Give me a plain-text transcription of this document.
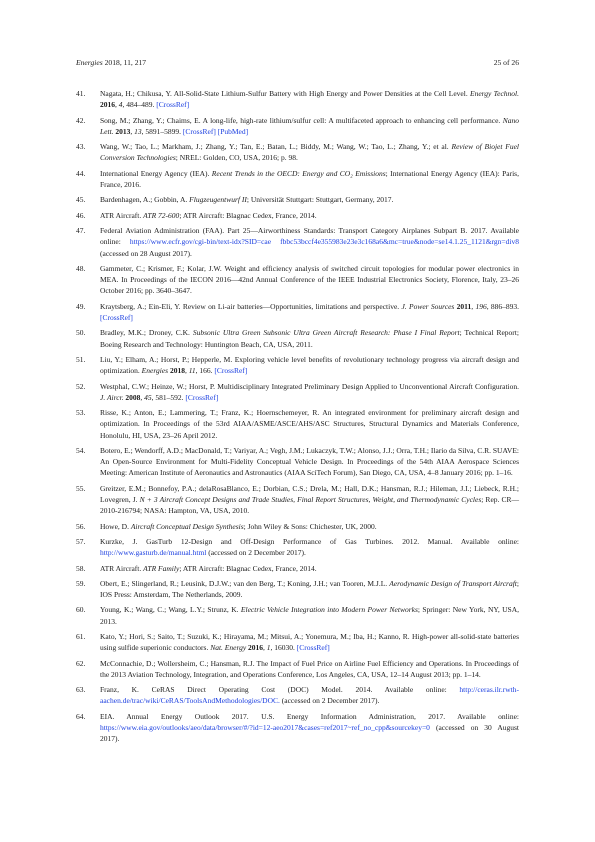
Energies 2018, 11, 217	25 of 26
41.	Nagata, H.; Chikusa, Y. All-Solid-State Lithium-Sulfur Battery with High Energy and Power Densities at the Cell Level. Energy Technol. 2016, 4, 484–489. [CrossRef]
42.	Song, M.; Zhang, Y.; Chaims, E. A long-life, high-rate lithium/sulfur cell: A multifaceted approach to enhancing cell performance. Nano Lett. 2013, 13, 5891–5899. [CrossRef] [PubMed]
43.	Wang, W.; Tao, L.; Markham, J.; Zhang, Y.; Tan, E.; Batan, L.; Biddy, M.; Wang, W.; Tao, L.; Zhang, Y.; et al. Review of Biojet Fuel Conversion Technologies; NREL: Golden, CO, USA, 2016; p. 98.
44.	International Energy Agency (IEA). Recent Trends in the OECD: Energy and CO₂ Emissions; International Energy Agency (IEA): Paris, France, 2016.
45.	Bardenhagen, A.; Gobbin, A. Flugzeugentwurf II; Universität Stuttgart: Stuttgart, Germany, 2017.
46.	ATR Aircraft. ATR 72-600; ATR Aircraft: Blagnac Cedex, France, 2014.
47.	Federal Aviation Administration (FAA). Part 25—Airworthiness Standards: Transport Category Airplanes Subpart B. 2017. Available online: https://www.ecfr.gov/cgi-bin/text-idx?SID=cae fbbc53bccf4e355983e23e3c168a6&mc=true&node=se14.1.25_1121&rgn=div8 (accessed on 28 August 2017).
48.	Gammeter, C.; Krismer, F.; Kolar, J.W. Weight and efficiency analysis of switched circuit topologies for modular power electronics in MEA. In Proceedings of the IECON 2016—42nd Annual Conference of the IEEE Industrial Electronics Society, Florence, Italy, 23–26 October 2016; pp. 3640–3647.
49.	Kraytsberg, A.; Ein-Eli, Y. Review on Li-air batteries—Opportunities, limitations and perspective. J. Power Sources 2011, 196, 886–893. [CrossRef]
50.	Bradley, M.K.; Droney, C.K. Subsonic Ultra Green Subsonic Ultra Green Aircraft Research: Phase I Final Report; Technical Report; Boeing Research and Technology: Huntington Beach, CA, USA, 2011.
51.	Liu, Y.; Elham, A.; Horst, P.; Hepperle, M. Exploring vehicle level benefits of revolutionary technology progress via aircraft design and optimization. Energies 2018, 11, 166. [CrossRef]
52.	Westphal, C.W.; Heinze, W.; Horst, P. Multidisciplinary Integrated Preliminary Design Applied to Unconventional Aircraft Configuration. J. Aircr. 2008, 45, 581–592. [CrossRef]
53.	Risse, K.; Anton, E.; Lammering, T.; Franz, K.; Hoernschemeyer, R. An integrated environment for preliminary aircraft design and optimization. In Proceedings of the 53rd AIAA/ASME/ASCE/AHS/ASC Structures, Structural Dynamics and Materials Conference, Honolulu, HI, USA, 23–26 April 2012.
54.	Botero, E.; Wendorff, A.D.; MacDonald, T.; Variyar, A.; Vegh, J.M.; Lukaczyk, T.W.; Alonso, J.J.; Orra, T.H.; Ilario da Silva, C.R. SUAVE: An Open-Source Environment for Multi-Fidelity Conceptual Vehicle Design. In Proceedings of the 54th AIAA Aerospace Sciences Meeting: American Institute of Aeronautics and Astronautics (AIAA SciTech Forum), San Diego, CA, USA, 4–8 January 2016; pp. 1–16.
55.	Greitzer, E.M.; Bonnefoy, P.A.; delaRosaBlanco, E.; Dorbian, C.S.; Drela, M.; Hall, D.K.; Hansman, R.J.; Hileman, J.I.; Liebeck, R.H.; Lovegren, J. N + 3 Aircraft Concept Designs and Trade Studies, Final Report Structures, Weight, and Thermodynamic Cycles; Rep. CR—2010-216794; NASA: Hampton, VA, USA, 2010.
56.	Howe, D. Aircraft Conceptual Design Synthesis; John Wiley & Sons: Chichester, UK, 2000.
57.	Kurzke, J. GasTurb 12-Design and Off-Design Performance of Gas Turbines. 2012. Manual. Available online: http://www.gasturb.de/manual.html (accessed on 2 December 2017).
58.	ATR Aircraft. ATR Family; ATR Aircraft: Blagnac Cedex, France, 2014.
59.	Obert, E.; Slingerland, R.; Leusink, D.J.W.; van den Berg, T.; Koning, J.H.; van Tooren, M.J.L. Aerodynamic Design of Transport Aircraft; IOS Press: Amsterdam, The Netherlands, 2009.
60.	Young, K.; Wang, C.; Wang, L.Y.; Strunz, K. Electric Vehicle Integration into Modern Power Networks; Springer: New York, NY, USA, 2013.
61.	Kato, Y.; Hori, S.; Saito, T.; Suzuki, K.; Hirayama, M.; Mitsui, A.; Yonemura, M.; Iba, H.; Kanno, R. High-power all-solid-state batteries using sulfide superionic conductors. Nat. Energy 2016, 1, 16030. [CrossRef]
62.	McConnachie, D.; Wollersheim, C.; Hansman, R.J. The Impact of Fuel Price on Airline Fuel Efficiency and Operations. In Proceedings of the 2013 Aviation Technology, Integration, and Operations Conference, Los Angeles, CA, USA, 12–14 August 2013; pp. 1–14.
63.	Franz, K. CeRAS Direct Operating Cost (DOC) Model. 2014. Available online: http://ceras.ilr.rwth-aachen.de/trac/wiki/CeRAS/ToolsAndMethodologies/DOC. (accessed on 2 December 2017).
64.	EIA. Annual Energy Outlook 2017. U.S. Energy Information Administration, 2017. Available online: https://www.eia.gov/outlooks/aeo/data/browser/#/?id=12-aeo2017&cases=ref2017~ref_no_cpp&sourcekey=0 (accessed on 30 August 2017).
